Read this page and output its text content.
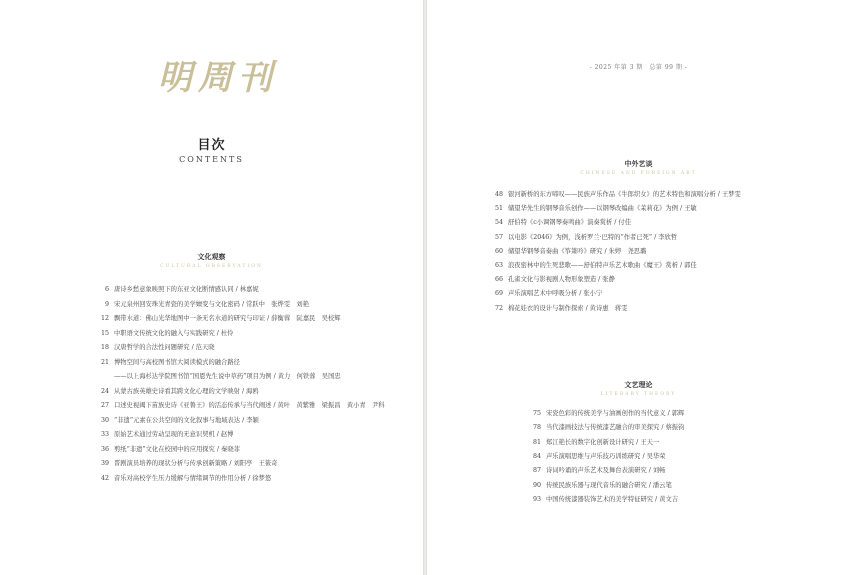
明周刊
目次
CONTENTS
文化观察
CULTURAL OBSERVATION
6 唐诗乡愁意象映照下的东亚文化断情感认同 / 林嘉妮
9 宋元泉州回安珠光青瓷的美学嬗变与文化密码 / 常跃中　张烨雯　刘艳
12 飘带水道：佛山光华地图中一条无名水道的研究与印证 / 薛衡蓉　阮嘉民　吴校辉
15 中职语文传统文化的融入与实践研究 / 杜伶
18 汉唐哲学的合法性问题研究 / 范天晓
21 博物空间与高校图书馆大阅读模式的融合路径
——以上海杉达学院图书馆“国恩先生说中草药”项目为例 / 黄力　何铁蓉　吴国忠
24 从蒙古族英雄史诗看其跨文化心理的文学映射 / 海鸥
27 口述史视阈下苗族史诗《亚鲁王》的活态传承与当代阐述 / 黄叶　黄紫雅　梁振昌　黄小青　尹科
30 “非遗”元素在公共空间的文化叙事与地域表达 / 李颖
33 原始艺术通过劳动呈现的无意识契机 / 赵博
36 剪纸“非遗”文化在校园中的应用探究 / 秦晓菲
39 晋剧演员培养的现状分析与传承创新策略 / 刘阳亭　王筱奇
42 音乐对高校学生压力缓解与情绪调节的作用分析 / 徐梦悠
- 2025 年第 3 期　总第 99 期 -
中外艺谈
CHINESE AND FOREIGN ART
48 银河新桥的东方啼叹——民族声乐作品《牛郎织女》的艺术特色和演唱分析 / 王梦雯
51 储望华先生的钢琴音乐创作——以钢琴改编曲《茉莉花》为例 / 王敏
54 舒伯特《c小调钢琴奏鸣曲》演奏赏析 / 付佳
57 以电影《2046》为例，浅析罗兰·巴特的“作者已死” / 李欣哲
60 储望华钢琴音奏曲《筝箫吟》研究 / 朱婷　尧思璐
63 浪夜密林中的生死悲歌——舒伯特声乐艺术歌曲《魔王》赏析 / 郭佳
66 孔雀文化与影视剧人物形象塑造 / 张静
69 声乐演唱艺术中呼吸分析 / 张小宁
72 棉花娃衣的设计与制作探索 / 黄诗惠　蒋雯
文艺理论
LITERARY THEORY
75 宋瓷色彩的传统美学与油画创作的当代意义 / 郭辉
78 当代漆画技法与传统漆艺融合的审美探究 / 蔡振钧
81 郑江艳长的数字化创新设计研究 / 王天一
84 声乐演唱思维与声乐技巧训练研究 / 吴华荣
87 诗词吟诵的声乐艺术及舞台表演研究 / 刘畅
90 传统民族乐器与现代音乐的融合研究 / 潘云笔
93 中国传统漆器装饰艺术的美学特征研究 / 黄文吉
